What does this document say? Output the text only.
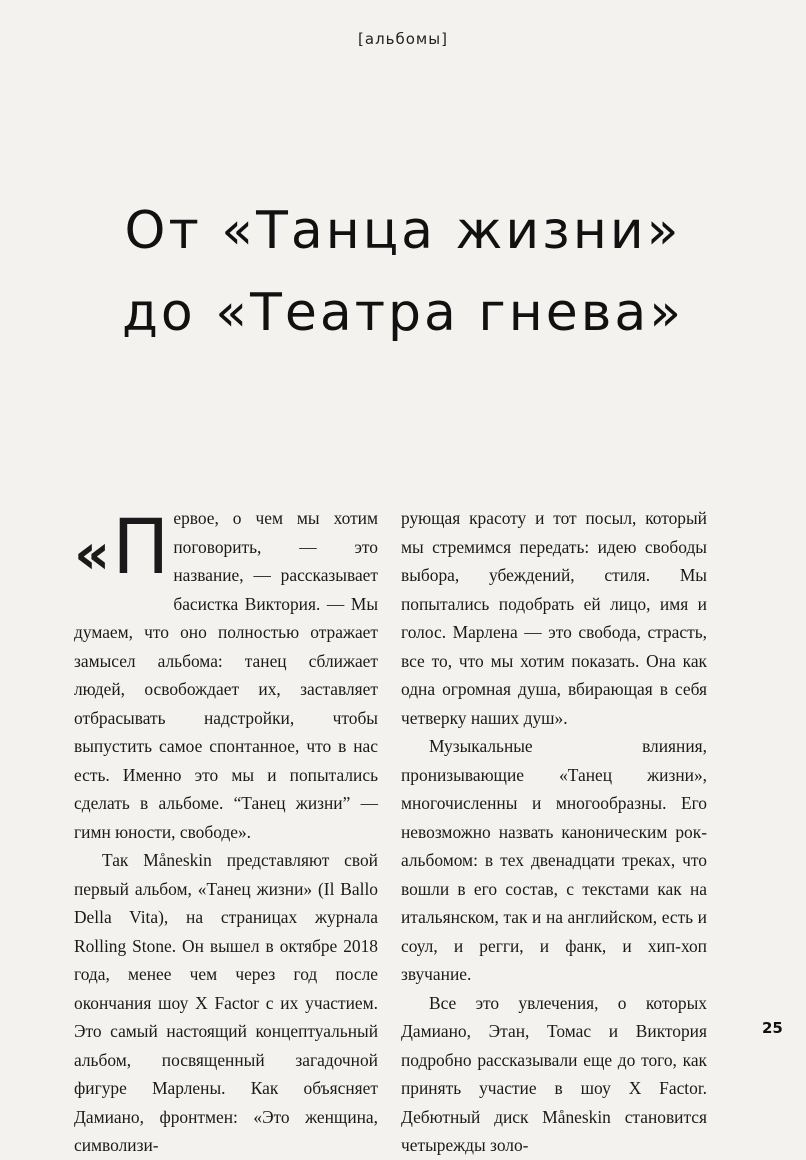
[альбомы]
От «Танца жизни»
до «Театра гнева»

« П ервое, о чем мы хотим поговорить, — это название, — рассказывает басистка Виктория. — Мы думаем, что оно полностью отражает замысел альбома: танец сближает людей, освобождает их, заставляет отбрасывать надстройки, чтобы выпустить самое спонтанное, что в нас есть. Именно это мы и попытались сделать в альбоме. “Танец жизни” — гимн юности, свободе».

Так Måneskin представляют свой первый альбом, «Танец жизни» (Il Ballo Della Vita), на страницах журнала Rolling Stone. Он вышел в октябре 2018 года, менее чем через год после окончания шоу X Factor с их участием. Это самый настоящий концептуальный альбом, посвященный загадочной фигуре Марлены. Как объясняет Дамиано, фронтмен: «Это женщина, символизи-

рующая красоту и тот посыл, который мы стремимся передать: идею свободы выбора, убеждений, стиля. Мы попытались подобрать ей лицо, имя и голос. Марлена — это свобода, страсть, все то, что мы хотим показать. Она как одна огромная душа, вбирающая в себя четверку наших душ».

Музыкальные влияния, пронизывающие «Танец жизни», многочисленны и многообразны. Его невозможно назвать каноническим рок-альбомом: в тех двенадцати треках, что вошли в его состав, с текстами как на итальянском, так и на английском, есть и соул, и регги, и фанк, и хип-хоп звучание.

Все это увлечения, о которых Дамиано, Этан, Томас и Виктория подробно рассказывали еще до того, как принять участие в шоу X Factor. Дебютный диск Måneskin становится четырежды золо-

25
